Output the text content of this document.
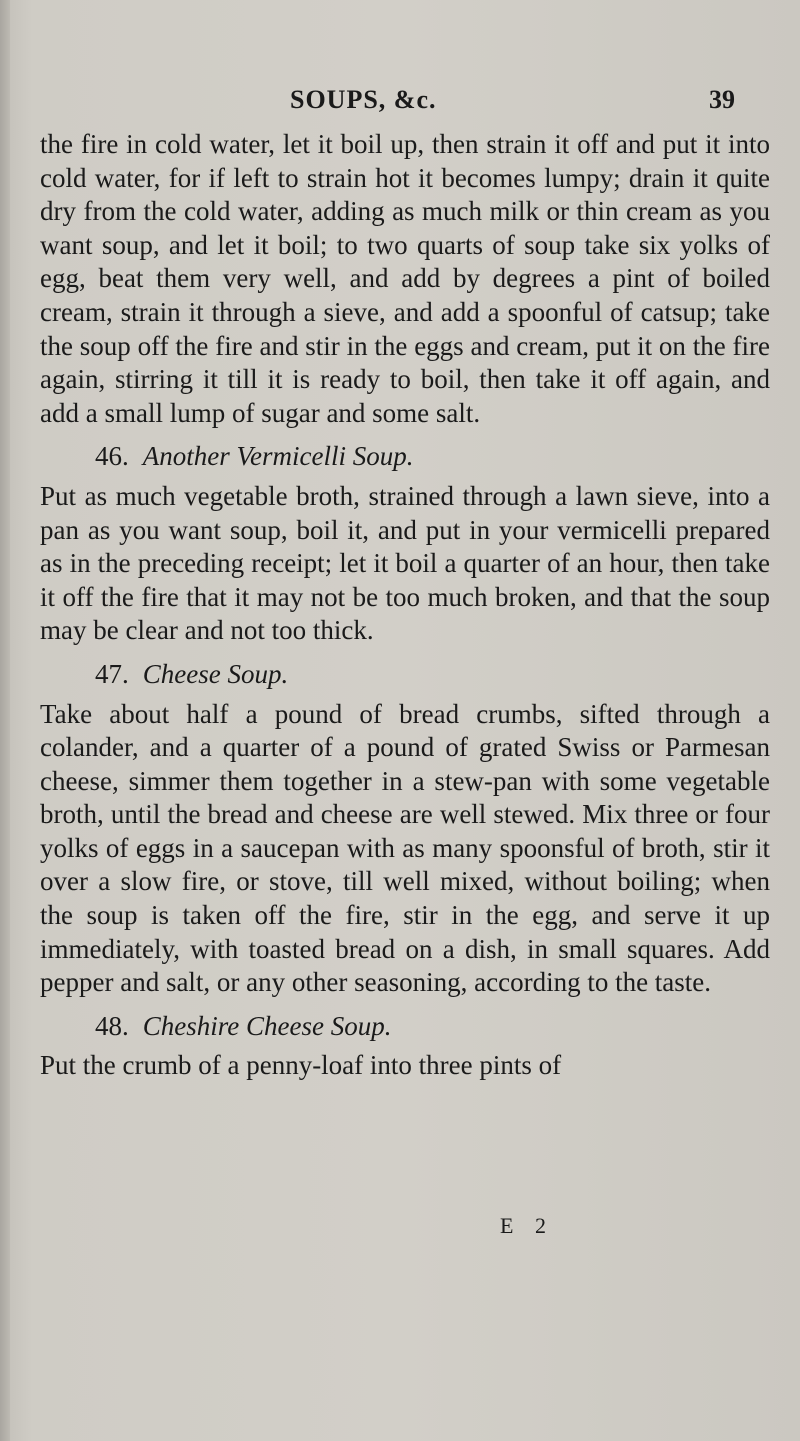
SOUPS, &c.	39

the fire in cold water, let it boil up, then strain it off and put it into cold water, for if left to strain hot it becomes lumpy; drain it quite dry from the cold water, adding as much milk or thin cream as you want soup, and let it boil; to two quarts of soup take six yolks of egg, beat them very well, and add by degrees a pint of boiled cream, strain it through a sieve, and add a spoonful of catsup; take the soup off the fire and stir in the eggs and cream, put it on the fire again, stirring it till it is ready to boil, then take it off again, and add a small lump of sugar and some salt.

46. Another Vermicelli Soup.

Put as much vegetable broth, strained through a lawn sieve, into a pan as you want soup, boil it, and put in your vermicelli prepared as in the preceding receipt; let it boil a quarter of an hour, then take it off the fire that it may not be too much broken, and that the soup may be clear and not too thick.

47. Cheese Soup.

Take about half a pound of bread crumbs, sifted through a colander, and a quarter of a pound of grated Swiss or Parmesan cheese, simmer them together in a stew-pan with some vegetable broth, until the bread and cheese are well stewed. Mix three or four yolks of eggs in a saucepan with as many spoonsful of broth, stir it over a slow fire, or stove, till well mixed, without boiling; when the soup is taken off the fire, stir in the egg, and serve it up immediately, with toasted bread on a dish, in small squares. Add pepper and salt, or any other seasoning, according to the taste.

48. Cheshire Cheese Soup.

Put the crumb of a penny-loaf into three pints of

E 2
